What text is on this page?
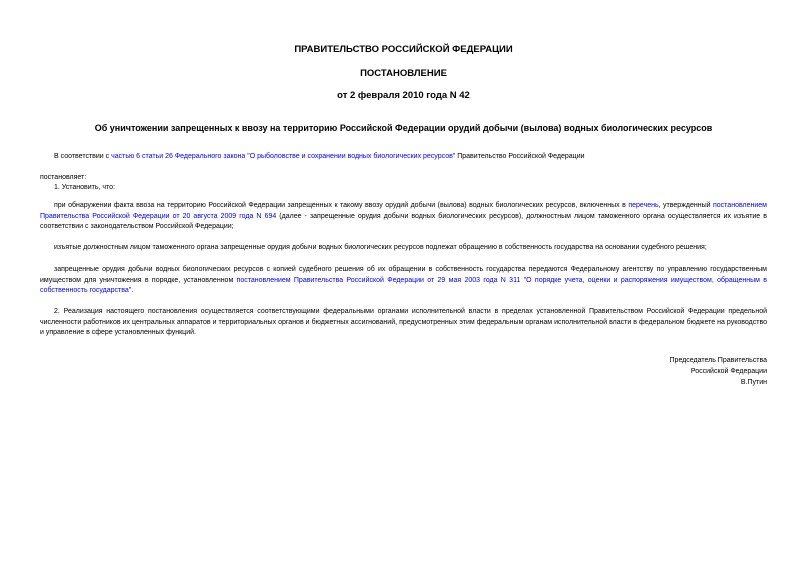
ПРАВИТЕЛЬСТВО РОССИЙСКОЙ ФЕДЕРАЦИИ
ПОСТАНОВЛЕНИЕ
от 2 февраля 2010 года N 42
Об уничтожении запрещенных к ввозу на территорию Российской Федерации орудий добычи (вылова) водных биологических ресурсов
В соответствии с частью 6 статьи 26 Федерального закона "О рыболовстве и сохранении водных биологических ресурсов" Правительство Российской Федерации
постановляет:
1. Установить, что:
при обнаружении факта ввоза на территорию Российской Федерации запрещенных к такому ввозу орудий добычи (вылова) водных биологических ресурсов, включенных в перечень, утвержденный постановлением Правительства Российской Федерации от 20 августа 2009 года N 694 (далее - запрещенные орудия добычи водных биологических ресурсов), должностным лицом таможенного органа осуществляется их изъятие в соответствии с законодательством Российской Федерации;
изъятые должностным лицом таможенного органа запрещенные орудия добычи водных биологических ресурсов подлежат обращению в собственность государства на основании судебного решения;
запрещенные орудия добычи водных биологических ресурсов с копией судебного решения об их обращении в собственность государства передаются Федеральному агентству по управлению государственным имуществом для уничтожения в порядке, установленном постановлением Правительства Российской Федерации от 29 мая 2003 года N 311 "О порядке учета, оценки и распоряжения имуществом, обращенным в собственность государства".
2. Реализация настоящего постановления осуществляется соответствующими федеральными органами исполнительной власти в пределах установленной Правительством Российской Федерации предельной численности работников их центральных аппаратов и территориальных органов и бюджетных ассигнований, предусмотренных этим федеральным органам исполнительной власти в федеральном бюджете на руководство и управление в сфере установленных функций.
Председатель Правительства
Российской Федерации
В.Путин
